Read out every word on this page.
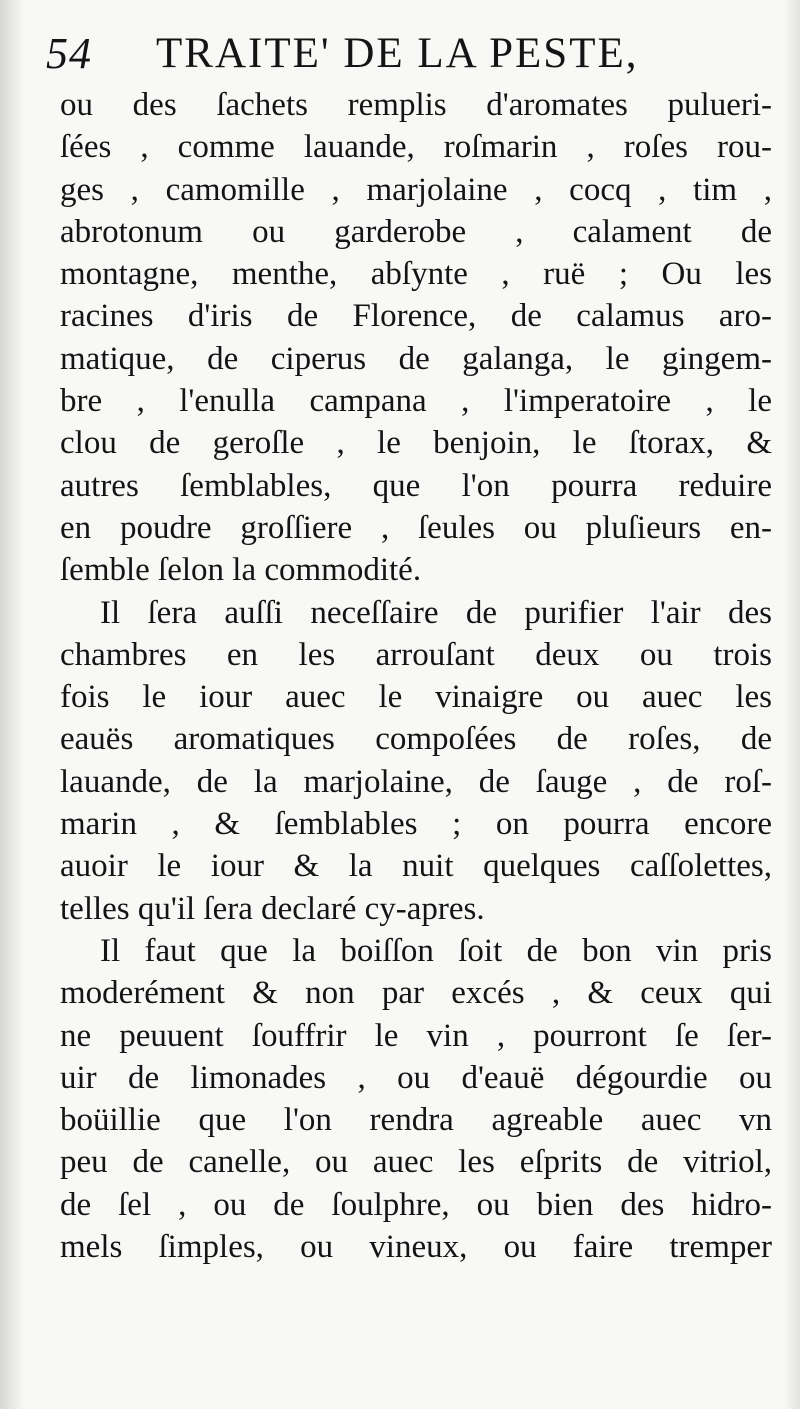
54 TRAITE' DE LA PESTE,

ou des ſachets remplis d'aromates pulueri-
ſées , comme lauande, roſmarin , roſes rou-
ges , camomille , marjolaine , cocq , tim ,
abrotonum ou garderobe , calament de
montagne, menthe, abſynte , ruë ; Ou les
racines d'iris de Florence, de calamus aro-
matique, de ciperus de galanga, le gingem-
bre , l'enulla campana , l'imperatoire , le
clou de geroſle , le benjoin, le ſtorax, &
autres ſemblables, que l'on pourra reduire
en poudre groſſiere , ſeules ou pluſieurs en-
ſemble ſelon la commodité.

Il ſera auſſi neceſſaire de purifier l'air des
chambres en les arrouſant deux ou trois
fois le iour auec le vinaigre ou auec les
eauës aromatiques compoſées de roſes, de
lauande, de la marjolaine, de ſauge , de roſ-
marin , & ſemblables ; on pourra encore
auoir le iour & la nuit quelques caſſolettes,
telles qu'il ſera declaré cy-apres.

Il faut que la boiſſon ſoit de bon vin pris
moderément & non par excés , & ceux qui
ne peuuent ſouffrir le vin , pourront ſe ſer-
uir de limonades , ou d'eauë dégourdie ou
boüillie que l'on rendra agreable auec vn
peu de canelle, ou auec les eſprits de vitriol,
de ſel , ou de ſoulphre, ou bien des hidro-
mels ſimples, ou vineux, ou faire tremper
